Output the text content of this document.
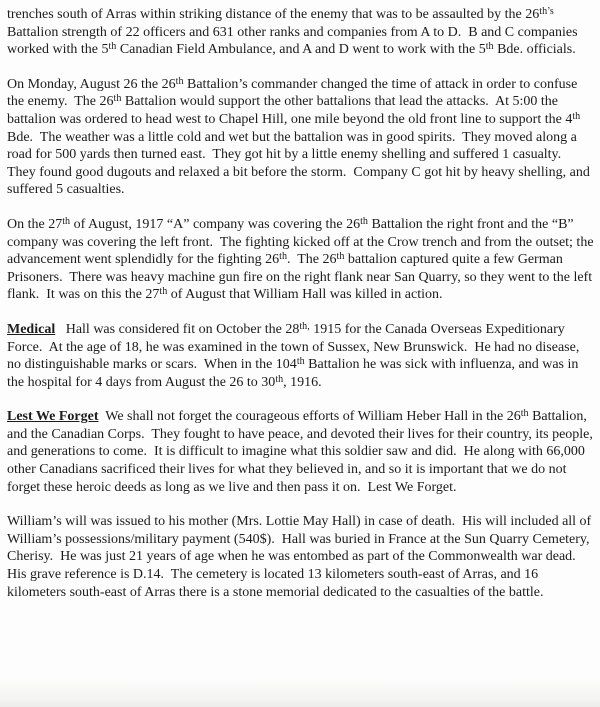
trenches south of Arras within striking distance of the enemy that was to be assaulted by the $26^{th’s}$ Battalion strength of 22 officers and 631 other ranks and companies from A to D.  B and C companies worked with the 5th Canadian Field Ambulance, and A and D went to work with the 5th Bde. officials.

On Monday, August 26 the 26th Battalion’s commander changed the time of attack in order to confuse the enemy.  The 26th Battalion would support the other battalions that lead the attacks.  At 5:00 the battalion was ordered to head west to Chapel Hill, one mile beyond the old front line to support the 4th Bde.  The weather was a little cold and wet but the battalion was in good spirits.  They moved along a road for 500 yards then turned east.  They got hit by a little enemy shelling and suffered 1 casualty.  They found good dugouts and relaxed a bit before the storm.  Company C got hit by heavy shelling, and suffered 5 casualties.

On the 27th of August, 1917 “A” company was covering the 26th Battalion the right front and the “B” company was covering the left front.  The fighting kicked off at the Crow trench and from the outset; the advancement went splendidly for the fighting 26th.  The 26th battalion captured quite a few German Prisoners.  There was heavy machine gun fire on the right flank near San Quarry, so they went to the left flank.  It was on this the 27th of August that William Hall was killed in action.

Medical   Hall was considered fit on October the $28^{th,}$ 1915 for the Canada Overseas Expeditionary Force.  At the age of 18, he was examined in the town of Sussex, New Brunswick.  He had no disease, no distinguishable marks or scars.  When in the 104th Battalion he was sick with influenza, and was in the hospital for 4 days from August the 26 to 30th, 1916.

Lest We Forget  We shall not forget the courageous efforts of William Heber Hall in the 26th Battalion, and the Canadian Corps.  They fought to have peace, and devoted their lives for their country, its people, and generations to come.  It is difficult to imagine what this soldier saw and did.  He along with 66,000 other Canadians sacrificed their lives for what they believed in, and so it is important that we do not forget these heroic deeds as long as we live and then pass it on.  Lest We Forget.

William’s will was issued to his mother (Mrs. Lottie May Hall) in case of death.  His will included all of William’s possessions/military payment (540$).  Hall was buried in France at the Sun Quarry Cemetery, Cherisy.  He was just 21 years of age when he was entombed as part of the Commonwealth war dead.  His grave reference is D.14.  The cemetery is located 13 kilometers south-east of Arras, and 16 kilometers south-east of Arras there is a stone memorial dedicated to the casualties of the battle.
